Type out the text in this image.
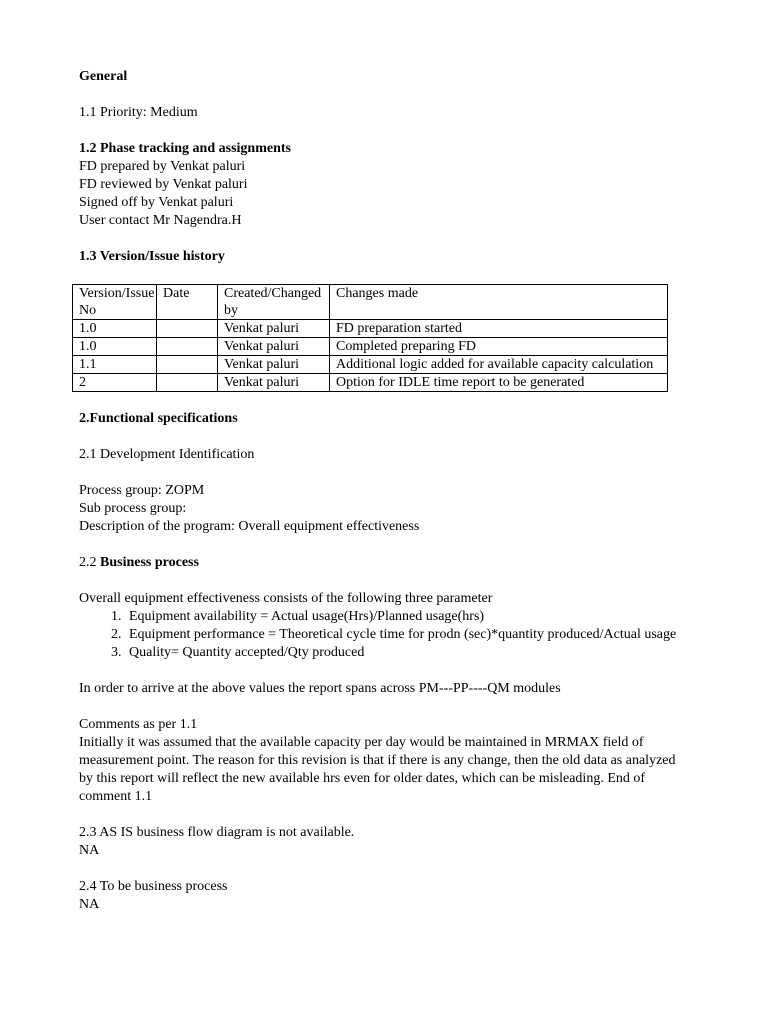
General
1.1 Priority: Medium
1.2 Phase tracking and assignments
FD prepared by Venkat paluri
FD reviewed by Venkat paluri
Signed off by Venkat paluri
User contact Mr Nagendra.H
1.3 Version/Issue history
Version/Issue No	Date	Created/Changed by	Changes made
1.0		Venkat paluri	FD preparation started
1.0		Venkat paluri	Completed preparing FD
1.1		Venkat paluri	Additional logic added for available capacity calculation
2		Venkat paluri	Option for IDLE time report to be generated
2.Functional specifications
2.1 Development Identification
Process group: ZOPM
Sub process group:
Description of the program: Overall equipment effectiveness
2.2 Business process
Overall equipment effectiveness consists of the following three parameter
1. Equipment availability = Actual usage(Hrs)/Planned usage(hrs)
2. Equipment performance = Theoretical cycle time for prodn (sec)*quantity produced/Actual usage
3. Quality= Quantity accepted/Qty produced
In order to arrive at the above values the report spans across PM---PP----QM modules
Comments as per 1.1
Initially it was assumed that the available capacity per day would be maintained in MRMAX field of measurement point. The reason for this revision is that if there is any change, then the old data as analyzed by this report will reflect the new available hrs even for older dates, which can be misleading. End of comment 1.1
2.3 AS IS business flow diagram is not available.
NA
2.4 To be business process
NA
